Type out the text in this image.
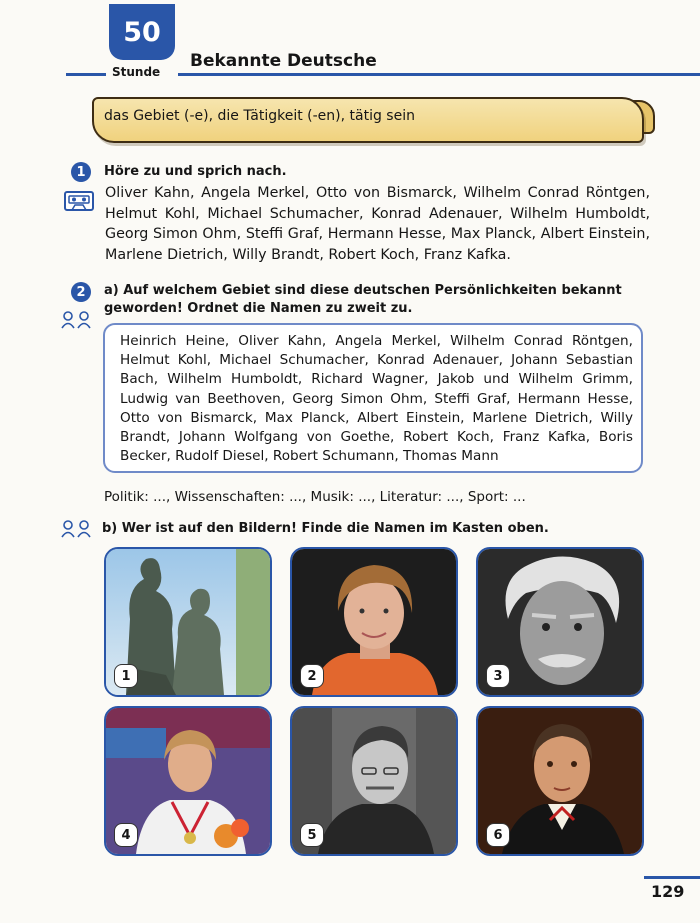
50
Stunde
Bekannte Deutsche
das Gebiet (-e), die Tätigkeit (-en), tätig sein
1	Höre zu und sprich nach.
Oliver Kahn, Angela Merkel, Otto von Bismarck, Wilhelm Conrad Röntgen, Helmut Kohl, Michael Schumacher, Konrad Adenauer, Wilhelm Humboldt, Georg Simon Ohm, Steffi Graf, Hermann Hesse, Max Planck, Albert Einstein, Marlene Dietrich, Willy Brandt, Robert Koch, Franz Kafka.
2	a) Auf welchem Gebiet sind diese deutschen Persönlichkeiten bekannt geworden! Ordnet die Namen zu zweit zu.
Heinrich Heine, Oliver Kahn, Angela Merkel, Wilhelm Conrad Röntgen, Helmut Kohl, Michael Schumacher, Konrad Adenauer, Johann Sebastian Bach, Wilhelm Humboldt, Richard Wagner, Jakob und Wilhelm Grimm, Ludwig van Beethoven, Georg Simon Ohm, Steffi Graf, Hermann Hesse, Otto von Bismarck, Max Planck, Albert Einstein, Marlene Dietrich, Willy Brandt, Johann Wolfgang von Goethe, Robert Koch, Franz Kafka, Boris Becker, Rudolf Diesel, Robert Schumann, Thomas Mann
Politik: ..., Wissenschaften: ..., Musik: ..., Literatur: ..., Sport: ...
b) Wer ist auf den Bildern! Finde die Namen im Kasten oben.
1	2	3
4	5	6
129
